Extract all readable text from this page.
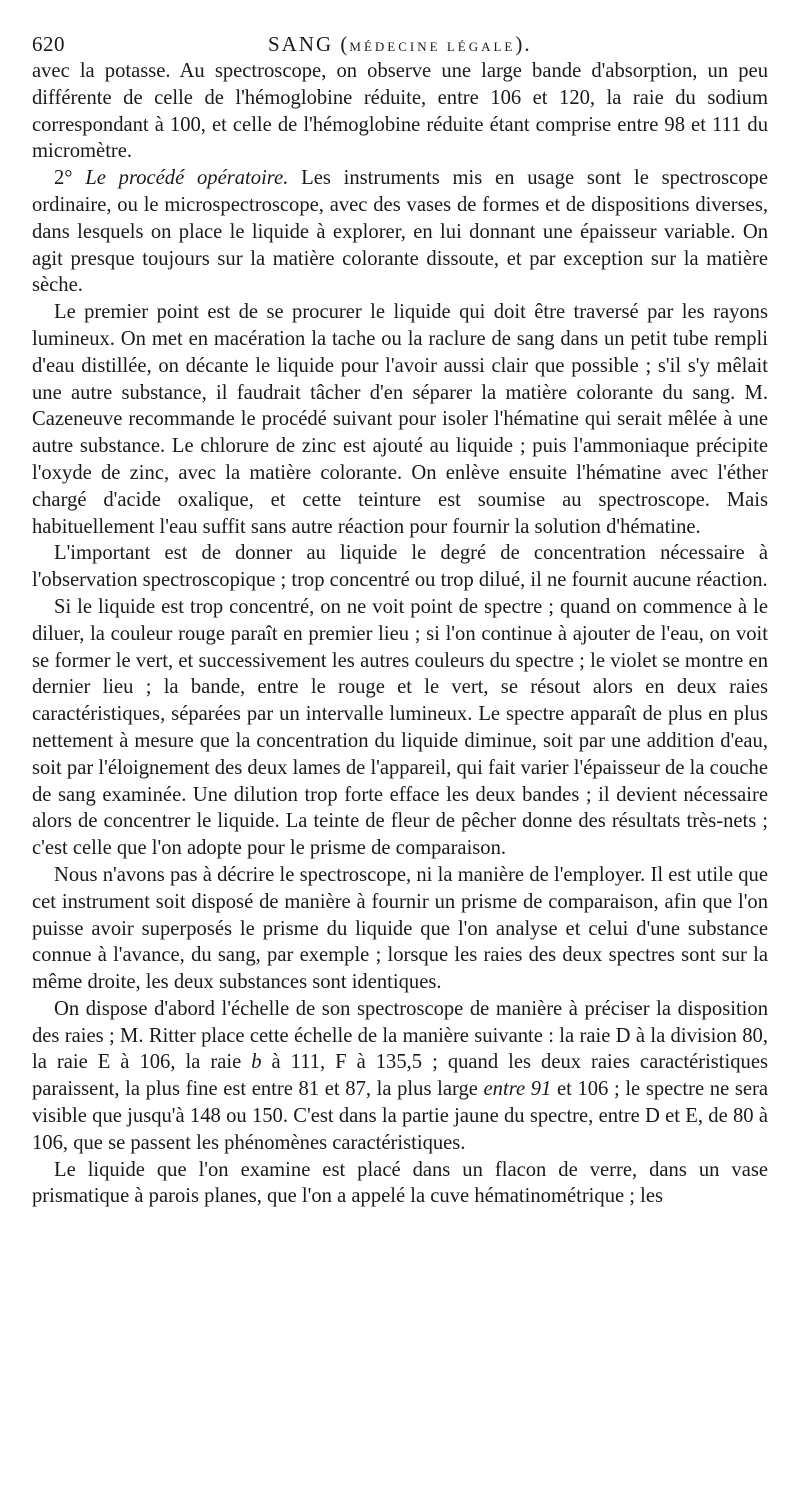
620	SANG (MÉDECINE LÉGALE).

avec la potasse. Au spectroscope, on observe une large bande d'absorption, un peu différente de celle de l'hémoglobine réduite, entre 106 et 120, la raie du sodium correspondant à 100, et celle de l'hémoglobine réduite étant comprise entre 98 et 111 du micromètre.

2° Le procédé opératoire. Les instruments mis en usage sont le spectroscope ordinaire, ou le microspectroscope, avec des vases de formes et de dispositions diverses, dans lesquels on place le liquide à explorer, en lui donnant une épaisseur variable. On agit presque toujours sur la matière colorante dissoute, et par exception sur la matière sèche.

Le premier point est de se procurer le liquide qui doit être traversé par les rayons lumineux. On met en macération la tache ou la raclure de sang dans un petit tube rempli d'eau distillée, on décante le liquide pour l'avoir aussi clair que possible ; s'il s'y mêlait une autre substance, il faudrait tâcher d'en séparer la matière colorante du sang. M. Cazeneuve recommande le procédé suivant pour isoler l'hématine qui serait mêlée à une autre substance. Le chlorure de zinc est ajouté au liquide ; puis l'ammoniaque précipite l'oxyde de zinc, avec la matière colorante. On enlève ensuite l'hématine avec l'éther chargé d'acide oxalique, et cette teinture est soumise au spectroscope. Mais habituellement l'eau suffit sans autre réaction pour fournir la solution d'hématine.

L'important est de donner au liquide le degré de concentration nécessaire à l'observation spectroscopique ; trop concentré ou trop dilué, il ne fournit aucune réaction.

Si le liquide est trop concentré, on ne voit point de spectre ; quand on commence à le diluer, la couleur rouge paraît en premier lieu ; si l'on continue à ajouter de l'eau, on voit se former le vert, et successivement les autres couleurs du spectre ; le violet se montre en dernier lieu ; la bande, entre le rouge et le vert, se résout alors en deux raies caractéristiques, séparées par un intervalle lumineux. Le spectre apparaît de plus en plus nettement à mesure que la concentration du liquide diminue, soit par une addition d'eau, soit par l'éloignement des deux lames de l'appareil, qui fait varier l'épaisseur de la couche de sang examinée. Une dilution trop forte efface les deux bandes ; il devient nécessaire alors de concentrer le liquide. La teinte de fleur de pêcher donne des résultats très-nets ; c'est celle que l'on adopte pour le prisme de comparaison.

Nous n'avons pas à décrire le spectroscope, ni la manière de l'employer. Il est utile que cet instrument soit disposé de manière à fournir un prisme de comparaison, afin que l'on puisse avoir superposés le prisme du liquide que l'on analyse et celui d'une substance connue à l'avance, du sang, par exemple ; lorsque les raies des deux spectres sont sur la même droite, les deux substances sont identiques.

On dispose d'abord l'échelle de son spectroscope de manière à préciser la disposition des raies ; M. Ritter place cette échelle de la manière suivante : la raie D à la division 80, la raie E à 106, la raie b à 111, F à 135,5 ; quand les deux raies caractéristiques paraissent, la plus fine est entre 81 et 87, la plus large entre 91 et 106 ; le spectre ne sera visible que jusqu'à 148 ou 150. C'est dans la partie jaune du spectre, entre D et E, de 80 à 106, que se passent les phénomènes caractéristiques.

Le liquide que l'on examine est placé dans un flacon de verre, dans un vase prismatique à parois planes, que l'on a appelé la cuve hématinométrique ; les
